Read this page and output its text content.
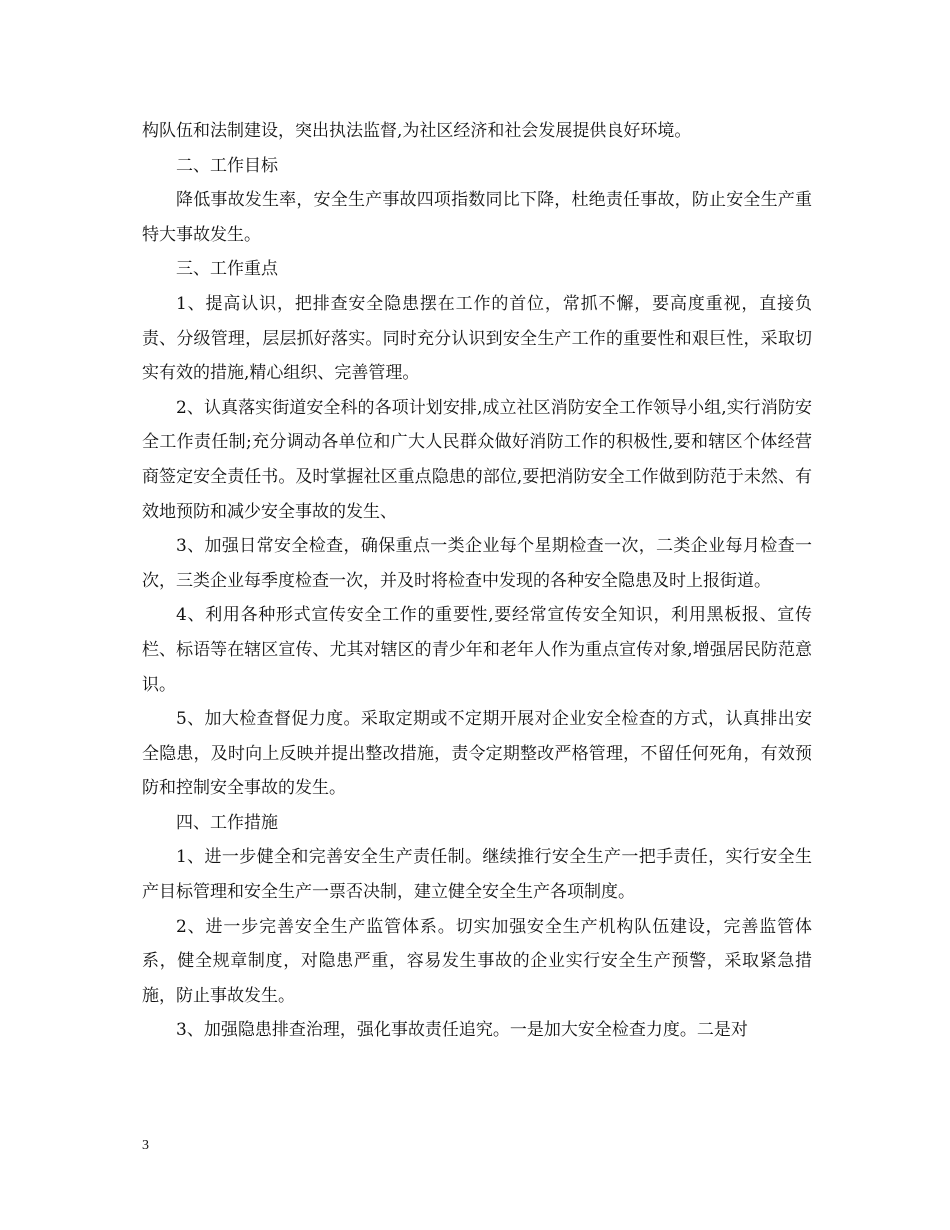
构队伍和法制建设，突出执法监督,为社区经济和社会发展提供良好环境。

二、工作目标

降低事故发生率，安全生产事故四项指数同比下降，杜绝责任事故，防止安全生产重特大事故发生。

三、工作重点

1、提高认识，把排查安全隐患摆在工作的首位，常抓不懈，要高度重视，直接负责、分级管理，层层抓好落实。同时充分认识到安全生产工作的重要性和艰巨性，采取切实有效的措施,精心组织、完善管理。

2、认真落实街道安全科的各项计划安排,成立社区消防安全工作领导小组,实行消防安全工作责任制;充分调动各单位和广大人民群众做好消防工作的积极性,要和辖区个体经营商签定安全责任书。及时掌握社区重点隐患的部位,要把消防安全工作做到防范于未然、有效地预防和减少安全事故的发生、

3、加强日常安全检查，确保重点一类企业每个星期检查一次，二类企业每月检查一次，三类企业每季度检查一次，并及时将检查中发现的各种安全隐患及时上报街道。

4、利用各种形式宣传安全工作的重要性,要经常宣传安全知识，利用黑板报、宣传栏、标语等在辖区宣传、尤其对辖区的青少年和老年人作为重点宣传对象,增强居民防范意识。

5、加大检查督促力度。采取定期或不定期开展对企业安全检查的方式，认真排出安全隐患，及时向上反映并提出整改措施，责令定期整改严格管理，不留任何死角，有效预防和控制安全事故的发生。

四、工作措施

1、进一步健全和完善安全生产责任制。继续推行安全生产一把手责任，实行安全生产目标管理和安全生产一票否决制，建立健全安全生产各项制度。

2、进一步完善安全生产监管体系。切实加强安全生产机构队伍建设，完善监管体系，健全规章制度，对隐患严重，容易发生事故的企业实行安全生产预警，采取紧急措施，防止事故发生。

3、加强隐患排查治理，强化事故责任追究。一是加大安全检查力度。二是对

3
